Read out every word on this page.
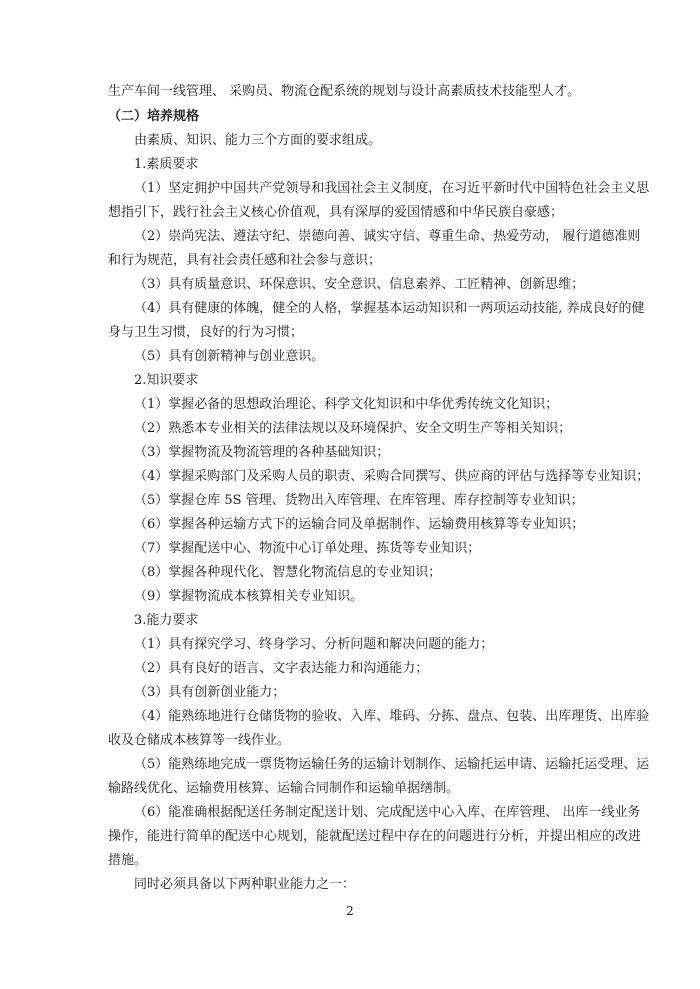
生产车间一线管理、 采购员、物流仓配系统的规划与设计高素质技术技能型人才。
（二）培养规格
由素质、知识、能力三个方面的要求组成。
1.素质要求
（1）坚定拥护中国共产党领导和我国社会主义制度，在习近平新时代中国特色社会主义思
想指引下，践行社会主义核心价值观，具有深厚的爱国情感和中华民族自豪感；
（2）崇尚宪法、遵法守纪、崇德向善、诚实守信、尊重生命、热爱劳动， 履行道德准则
和行为规范，具有社会责任感和社会参与意识；
（3）具有质量意识、环保意识、安全意识、信息素养、工匠精神、创新思维；
（4）具有健康的体魄，健全的人格，掌握基本运动知识和一两项运动技能, 养成良好的健
身与卫生习惯，良好的行为习惯；
（5）具有创新精神与创业意识。
2.知识要求
（1）掌握必备的思想政治理论、科学文化知识和中华优秀传统文化知识；
（2）熟悉本专业相关的法律法规以及环境保护、安全文明生产等相关知识；
（3）掌握物流及物流管理的各种基础知识；
（4）掌握采购部门及采购人员的职责、采购合同撰写、供应商的评估与选择等专业知识；
（5）掌握仓库 5S 管理、货物出入库管理、在库管理、库存控制等专业知识；
（6）掌握各种运输方式下的运输合同及单据制作、运输费用核算等专业知识；
（7）掌握配送中心、物流中心订单处理、拣货等专业知识；
（8）掌握各种现代化、智慧化物流信息的专业知识；
（9）掌握物流成本核算相关专业知识。
3.能力要求
（1）具有探究学习、终身学习、分析问题和解决问题的能力；
（2）具有良好的语言、文字表达能力和沟通能力；
（3）具有创新创业能力；
（4）能熟练地进行仓储货物的验收、入库、堆码、分拣、盘点、包装、出库理货、出库验
收及仓储成本核算等一线作业。
（5）能熟练地完成一票货物运输任务的运输计划制作、运输托运申请、运输托运受理、运
输路线优化、运输费用核算、运输合同制作和运输单据缮制。
（6）能准确根据配送任务制定配送计划、完成配送中心入库、在库管理、 出库一线业务
操作，能进行简单的配送中心规划，能就配送过程中存在的问题进行分析，并提出相应的改进
措施。
同时必须具备以下两种职业能力之一：
2
